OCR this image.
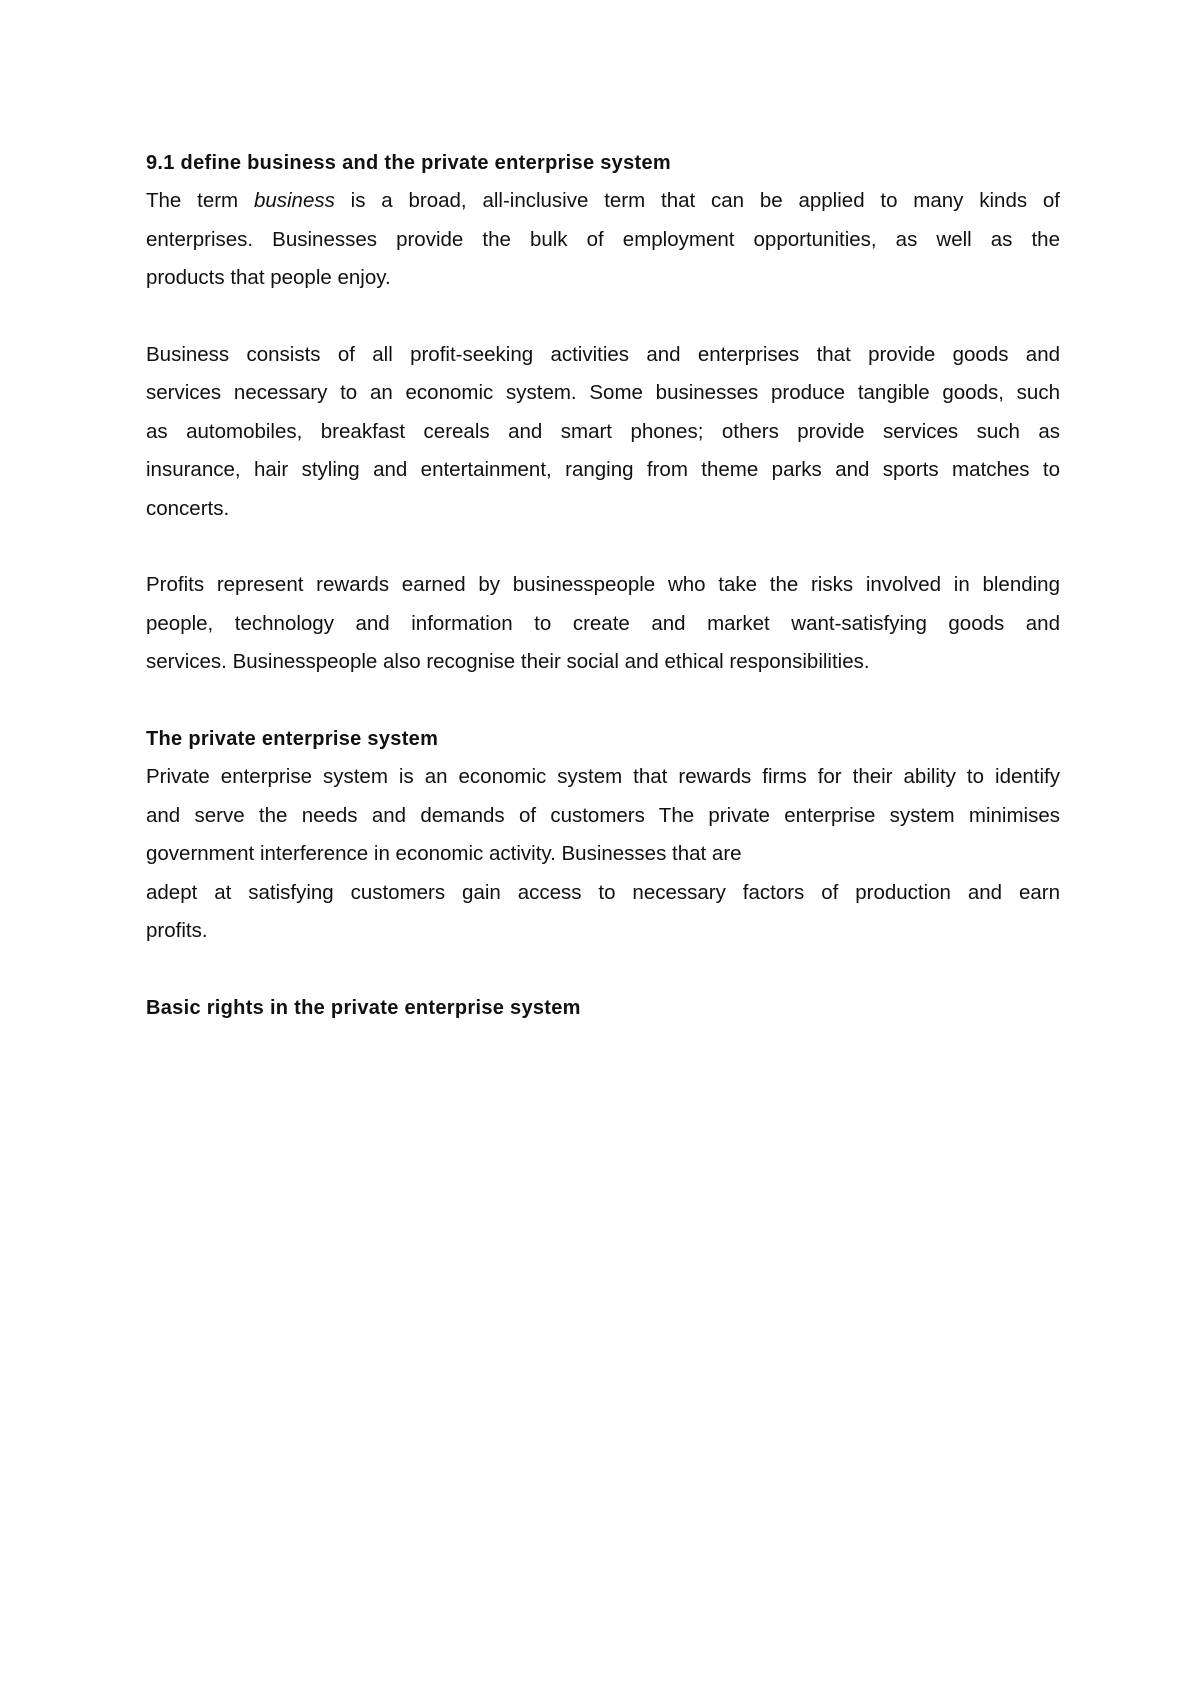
9.1 define business and the private enterprise system

The term business is a broad, all-inclusive term that can be applied to many kinds of
enterprises. Businesses provide the bulk of employment opportunities, as well as the
products that people enjoy.
Business consists of all profit-seeking activities and enterprises that provide goods and
services necessary to an economic system. Some businesses produce tangible goods, such
as automobiles, breakfast cereals and smart phones; others provide services such as
insurance, hair styling and entertainment, ranging from theme parks and sports matches to
concerts.
Profits represent rewards earned by businesspeople who take the risks involved in blending
people, technology and information to create and market want-satisfying goods and
services. Businesspeople also recognise their social and ethical responsibilities.

The private enterprise system

Private enterprise system is an economic system that rewards firms for their ability to identify
and serve the needs and demands of customers The private enterprise system minimises
government interference in economic activity. Businesses that are
adept at satisfying customers gain access to necessary factors of production and earn
profits.

Basic rights in the private enterprise system
